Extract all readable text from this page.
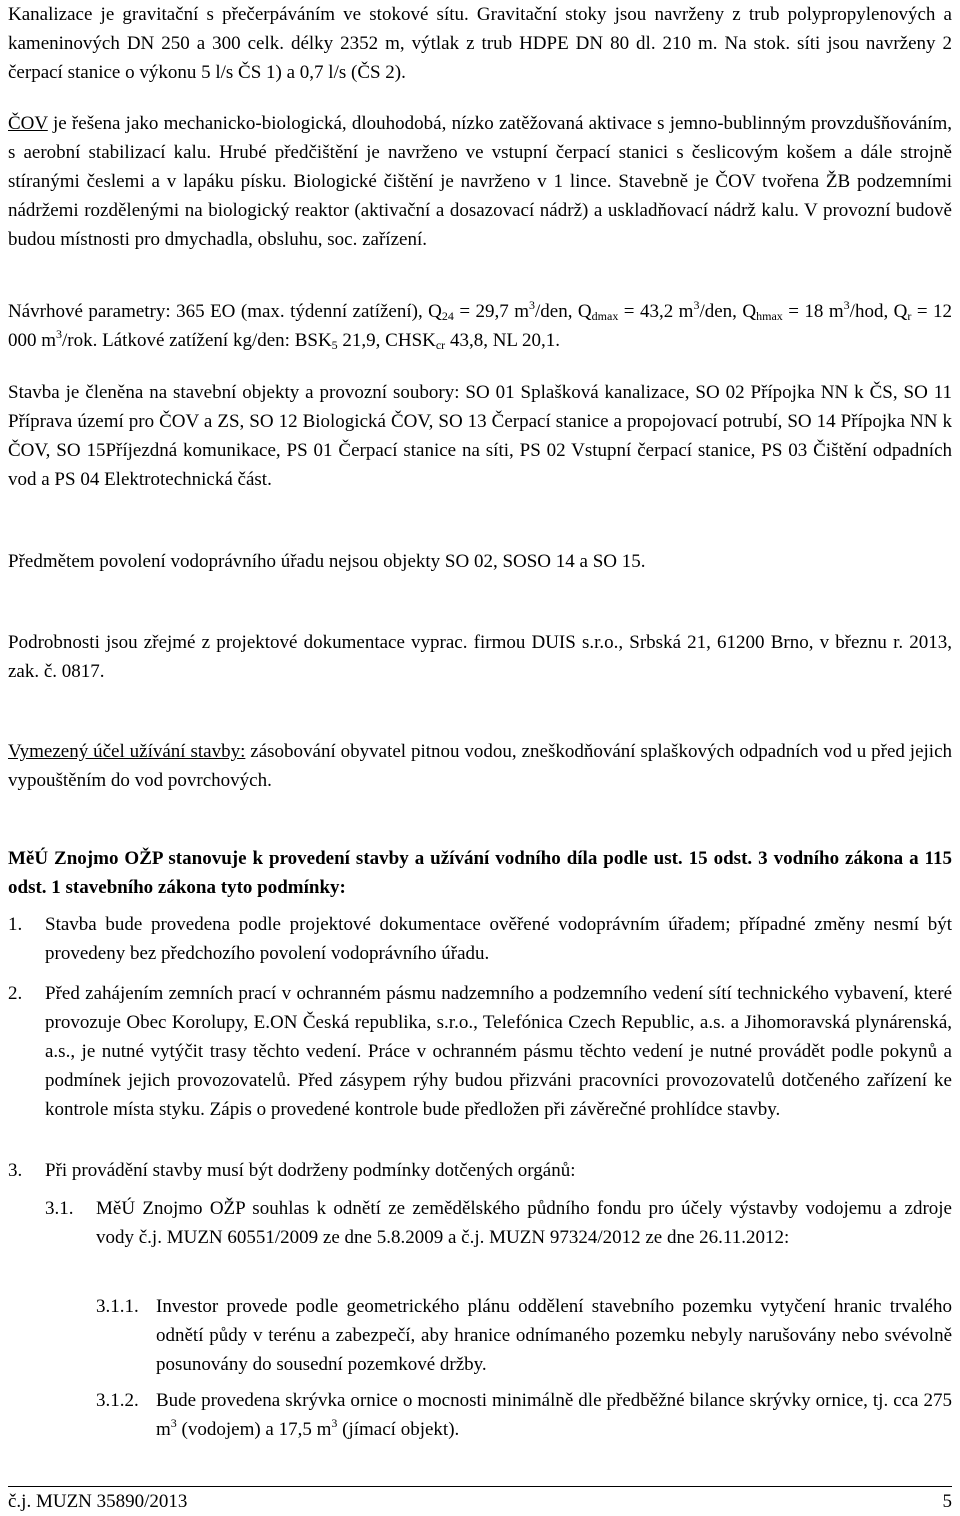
Kanalizace je gravitační s přečerpáváním ve stokové sítu. Gravitační stoky jsou navrženy z trub polypropylenových a kameninových DN 250 a 300 celk. délky 2352 m, výtlak z trub HDPE DN 80 dl. 210 m. Na stok. síti jsou navrženy 2 čerpací stanice o výkonu 5 l/s ČS 1) a 0,7 l/s (ČS 2).

ČOV je řešena jako mechanicko-biologická, dlouhodobá, nízko zatěžovaná aktivace s jemno-bublinným provzdušňováním, s aerobní stabilizací kalu. Hrubé předčištění je navrženo ve vstupní čerpací stanici s česlicovým košem a dále strojně stíranými česlemi a v lapáku písku. Biologické čištění je navrženo v 1 lince. Stavebně je ČOV tvořena ŽB podzemními nádržemi rozdělenými na biologický reaktor (aktivační a dosazovací nádrž) a uskladňovací nádrž kalu. V provozní budově budou místnosti pro dmychadla, obsluhu, soc. zařízení.

Návrhové parametry: 365 EO (max. týdenní zatížení), $Q_{24} = 29,7$ $m^3$/den, $Q_{dmax} = 43,2$ $m^3$/den, $Q_{hmax} = 18$ $m^3$/hod, $Q_r = 12$ 000 $m^3$/rok. Látkové zatížení kg/den: $BSK_5$ 21,9, $CHSK_{cr}$ 43,8, NL 20,1.

Stavba je členěna na stavební objekty a provozní soubory: SO 01 Splašková kanalizace, SO 02 Přípojka NN k ČS, SO 11 Příprava území pro ČOV a ZS, SO 12 Biologická ČOV, SO 13 Čerpací stanice a propojovací potrubí, SO 14 Přípojka NN k ČOV, SO 15Příjezdná komunikace, PS 01 Čerpací stanice na síti, PS 02 Vstupní čerpací stanice, PS 03 Čištění odpadních vod a PS 04 Elektrotechnická část.

Předmětem povolení vodoprávního úřadu nejsou objekty SO 02, SOSO 14 a SO 15.

Podrobnosti jsou zřejmé z projektové dokumentace vyprac. firmou DUIS s.r.o., Srbská 21, 61200 Brno, v březnu r. 2013, zak. č. 0817.

Vymezený účel užívání stavby: zásobování obyvatel pitnou vodou, zneškodňování splaškových odpadních vod u před jejich vypouštěním do vod povrchových.

MěÚ Znojmo OŽP stanovuje k provedení stavby a užívání vodního díla podle ust. 15 odst. 3 vodního zákona a 115 odst. 1 stavebního zákona tyto podmínky:

1. Stavba bude provedena podle projektové dokumentace ověřené vodoprávním úřadem; případné změny nesmí být provedeny bez předchozího povolení vodoprávního úřadu.

2. Před zahájením zemních prací v ochranném pásmu nadzemního a podzemního vedení sítí technického vybavení, které provozuje Obec Korolupy, E.ON Česká republika, s.r.o., Telefónica Czech Republic, a.s. a Jihomoravská plynárenská, a.s., je nutné vytýčit trasy těchto vedení. Práce v ochranném pásmu těchto vedení je nutné provádět podle pokynů a podmínek jejich provozovatelů. Před zásypem rýhy budou přizváni pracovníci provozovatelů dotčeného zařízení ke kontrole místa styku. Zápis o provedené kontrole bude předložen při závěrečné prohlídce stavby.

3. Při provádění stavby musí být dodrženy podmínky dotčených orgánů:

3.1. MěÚ Znojmo OŽP souhlas k odnětí ze zemědělského půdního fondu pro účely výstavby vodojemu a zdroje vody č.j. MUZN 60551/2009 ze dne 5.8.2009 a č.j. MUZN 97324/2012 ze dne 26.11.2012:

3.1.1. Investor provede podle geometrického plánu oddělení stavebního pozemku vytyčení hranic trvalého odnětí půdy v terénu a zabezpečí, aby hranice odnímaného pozemku nebyly narušovány nebo svévolně posunovány do sousední pozemkové držby.

3.1.2. Bude provedena skrývka ornice o mocnosti minimálně dle předběžné bilance skrývky ornice, tj. cca 275 $m^3$ (vodojem) a 17,5 $m^3$ (jímací objekt).

č.j. MUZN 35890/2013	5
